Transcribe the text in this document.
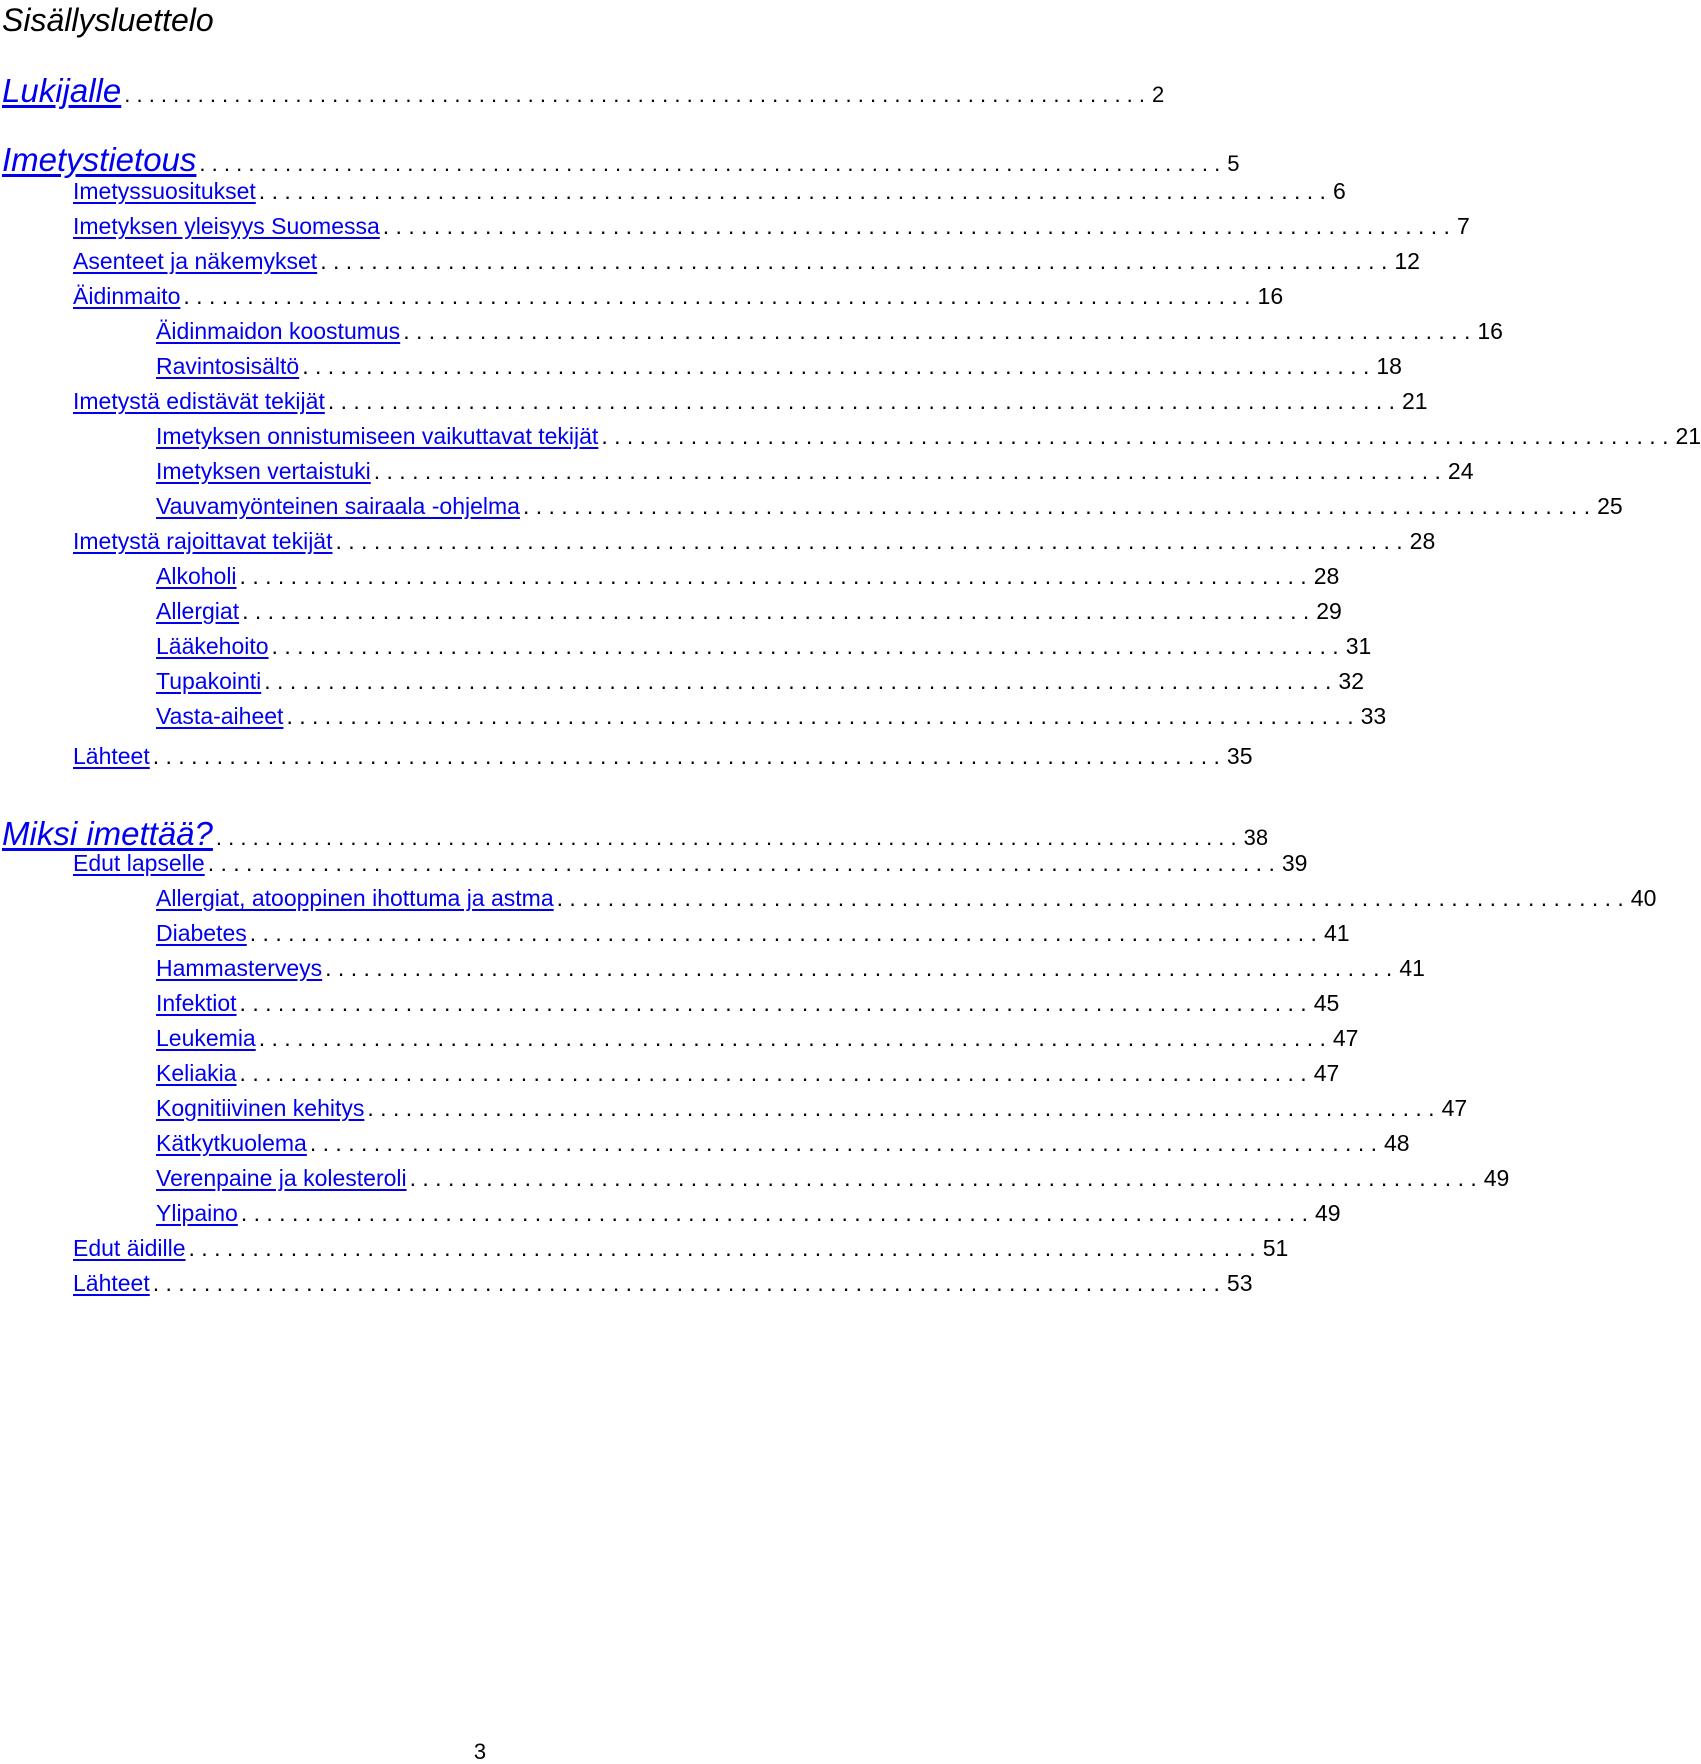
Sisällysluettelo
Lukijalle . . . . . . . . . . . . . . . . . . . . . . . . . . . . . . . . . . . . . . . . . . . . . . . . . . . . . . . . . . . . . . . . . . . . . . . . . . . . . . . . . . . . 2
Imetystietous . . . . . . . . . . . . . . . . . . . . . . . . . . . . . . . . . . . . . . . . . . . . . . . . . . . . . . . . . . . . . . . . . . . . . . . . . . . . . . . . . . . . 5
Imetyssuositukset . . . . . . . . . . . . . . . . . . . . . . . . . . . . . . . . . . . . . . . . . . . . . . . . . . . . . . . . . . . . . . . . . . . . . . . . . . . . . . . . . . . . 6
Imetyksen yleisyys Suomessa . . . . . . . . . . . . . . . . . . . . . . . . . . . . . . . . . . . . . . . . . . . . . . . . . . . . . . . . . . . . . . . . . . . . . . . . . . . . . . . . . . . . 7
Asenteet ja näkemykset . . . . . . . . . . . . . . . . . . . . . . . . . . . . . . . . . . . . . . . . . . . . . . . . . . . . . . . . . . . . . . . . . . . . . . . . . . . . . . . . . . . . 12
Äidinmaito . . . . . . . . . . . . . . . . . . . . . . . . . . . . . . . . . . . . . . . . . . . . . . . . . . . . . . . . . . . . . . . . . . . . . . . . . . . . . . . . . . . . 16
Äidinmaidon koostumus . . . . . . . . . . . . . . . . . . . . . . . . . . . . . . . . . . . . . . . . . . . . . . . . . . . . . . . . . . . . . . . . . . . . . . . . . . . . . . . . . . . . 16
Ravintosisältö . . . . . . . . . . . . . . . . . . . . . . . . . . . . . . . . . . . . . . . . . . . . . . . . . . . . . . . . . . . . . . . . . . . . . . . . . . . . . . . . . . . . 18
Imetystä edistävät tekijät . . . . . . . . . . . . . . . . . . . . . . . . . . . . . . . . . . . . . . . . . . . . . . . . . . . . . . . . . . . . . . . . . . . . . . . . . . . . . . . . . . . . 21
Imetyksen onnistumiseen vaikuttavat tekijät . . . . . . . . . . . . . . . . . . . . . . . . . . . . . . . . . . . . . . . . . . . . . . . . . . . . . . . . . . . . . . . . . . . . . . . . . . . . . . . . . . . . 21
Imetyksen vertaistuki . . . . . . . . . . . . . . . . . . . . . . . . . . . . . . . . . . . . . . . . . . . . . . . . . . . . . . . . . . . . . . . . . . . . . . . . . . . . . . . . . . . . 24
Vauvamyönteinen sairaala -ohjelma . . . . . . . . . . . . . . . . . . . . . . . . . . . . . . . . . . . . . . . . . . . . . . . . . . . . . . . . . . . . . . . . . . . . . . . . . . . . . . . . . . . . 25
Imetystä rajoittavat tekijät . . . . . . . . . . . . . . . . . . . . . . . . . . . . . . . . . . . . . . . . . . . . . . . . . . . . . . . . . . . . . . . . . . . . . . . . . . . . . . . . . . . . 28
Alkoholi . . . . . . . . . . . . . . . . . . . . . . . . . . . . . . . . . . . . . . . . . . . . . . . . . . . . . . . . . . . . . . . . . . . . . . . . . . . . . . . . . . . . 28
Allergiat . . . . . . . . . . . . . . . . . . . . . . . . . . . . . . . . . . . . . . . . . . . . . . . . . . . . . . . . . . . . . . . . . . . . . . . . . . . . . . . . . . . . 29
Lääkehoito . . . . . . . . . . . . . . . . . . . . . . . . . . . . . . . . . . . . . . . . . . . . . . . . . . . . . . . . . . . . . . . . . . . . . . . . . . . . . . . . . . . . 31
Tupakointi . . . . . . . . . . . . . . . . . . . . . . . . . . . . . . . . . . . . . . . . . . . . . . . . . . . . . . . . . . . . . . . . . . . . . . . . . . . . . . . . . . . . 32
Vasta-aiheet . . . . . . . . . . . . . . . . . . . . . . . . . . . . . . . . . . . . . . . . . . . . . . . . . . . . . . . . . . . . . . . . . . . . . . . . . . . . . . . . . . . . 33
Lähteet . . . . . . . . . . . . . . . . . . . . . . . . . . . . . . . . . . . . . . . . . . . . . . . . . . . . . . . . . . . . . . . . . . . . . . . . . . . . . . . . . . . . 35
Miksi imettää? . . . . . . . . . . . . . . . . . . . . . . . . . . . . . . . . . . . . . . . . . . . . . . . . . . . . . . . . . . . . . . . . . . . . . . . . . . . . . . . . . . . . 38
Edut lapselle . . . . . . . . . . . . . . . . . . . . . . . . . . . . . . . . . . . . . . . . . . . . . . . . . . . . . . . . . . . . . . . . . . . . . . . . . . . . . . . . . . . . 39
Allergiat, atooppinen ihottuma ja astma . . . . . . . . . . . . . . . . . . . . . . . . . . . . . . . . . . . . . . . . . . . . . . . . . . . . . . . . . . . . . . . . . . . . . . . . . . . . . . . . . . . . 40
Diabetes . . . . . . . . . . . . . . . . . . . . . . . . . . . . . . . . . . . . . . . . . . . . . . . . . . . . . . . . . . . . . . . . . . . . . . . . . . . . . . . . . . . . 41
Hammasterveys . . . . . . . . . . . . . . . . . . . . . . . . . . . . . . . . . . . . . . . . . . . . . . . . . . . . . . . . . . . . . . . . . . . . . . . . . . . . . . . . . . . . 41
Infektiot . . . . . . . . . . . . . . . . . . . . . . . . . . . . . . . . . . . . . . . . . . . . . . . . . . . . . . . . . . . . . . . . . . . . . . . . . . . . . . . . . . . . 45
Leukemia . . . . . . . . . . . . . . . . . . . . . . . . . . . . . . . . . . . . . . . . . . . . . . . . . . . . . . . . . . . . . . . . . . . . . . . . . . . . . . . . . . . . 47
Keliakia . . . . . . . . . . . . . . . . . . . . . . . . . . . . . . . . . . . . . . . . . . . . . . . . . . . . . . . . . . . . . . . . . . . . . . . . . . . . . . . . . . . . 47
Kognitiivinen kehitys . . . . . . . . . . . . . . . . . . . . . . . . . . . . . . . . . . . . . . . . . . . . . . . . . . . . . . . . . . . . . . . . . . . . . . . . . . . . . . . . . . . . 47
Kätkytkuolema . . . . . . . . . . . . . . . . . . . . . . . . . . . . . . . . . . . . . . . . . . . . . . . . . . . . . . . . . . . . . . . . . . . . . . . . . . . . . . . . . . . . 48
Verenpaine ja kolesteroli . . . . . . . . . . . . . . . . . . . . . . . . . . . . . . . . . . . . . . . . . . . . . . . . . . . . . . . . . . . . . . . . . . . . . . . . . . . . . . . . . . . . 49
Ylipaino . . . . . . . . . . . . . . . . . . . . . . . . . . . . . . . . . . . . . . . . . . . . . . . . . . . . . . . . . . . . . . . . . . . . . . . . . . . . . . . . . . . . 49
Edut äidille . . . . . . . . . . . . . . . . . . . . . . . . . . . . . . . . . . . . . . . . . . . . . . . . . . . . . . . . . . . . . . . . . . . . . . . . . . . . . . . . . . . . 51
Lähteet . . . . . . . . . . . . . . . . . . . . . . . . . . . . . . . . . . . . . . . . . . . . . . . . . . . . . . . . . . . . . . . . . . . . . . . . . . . . . . . . . . . . 53
3
